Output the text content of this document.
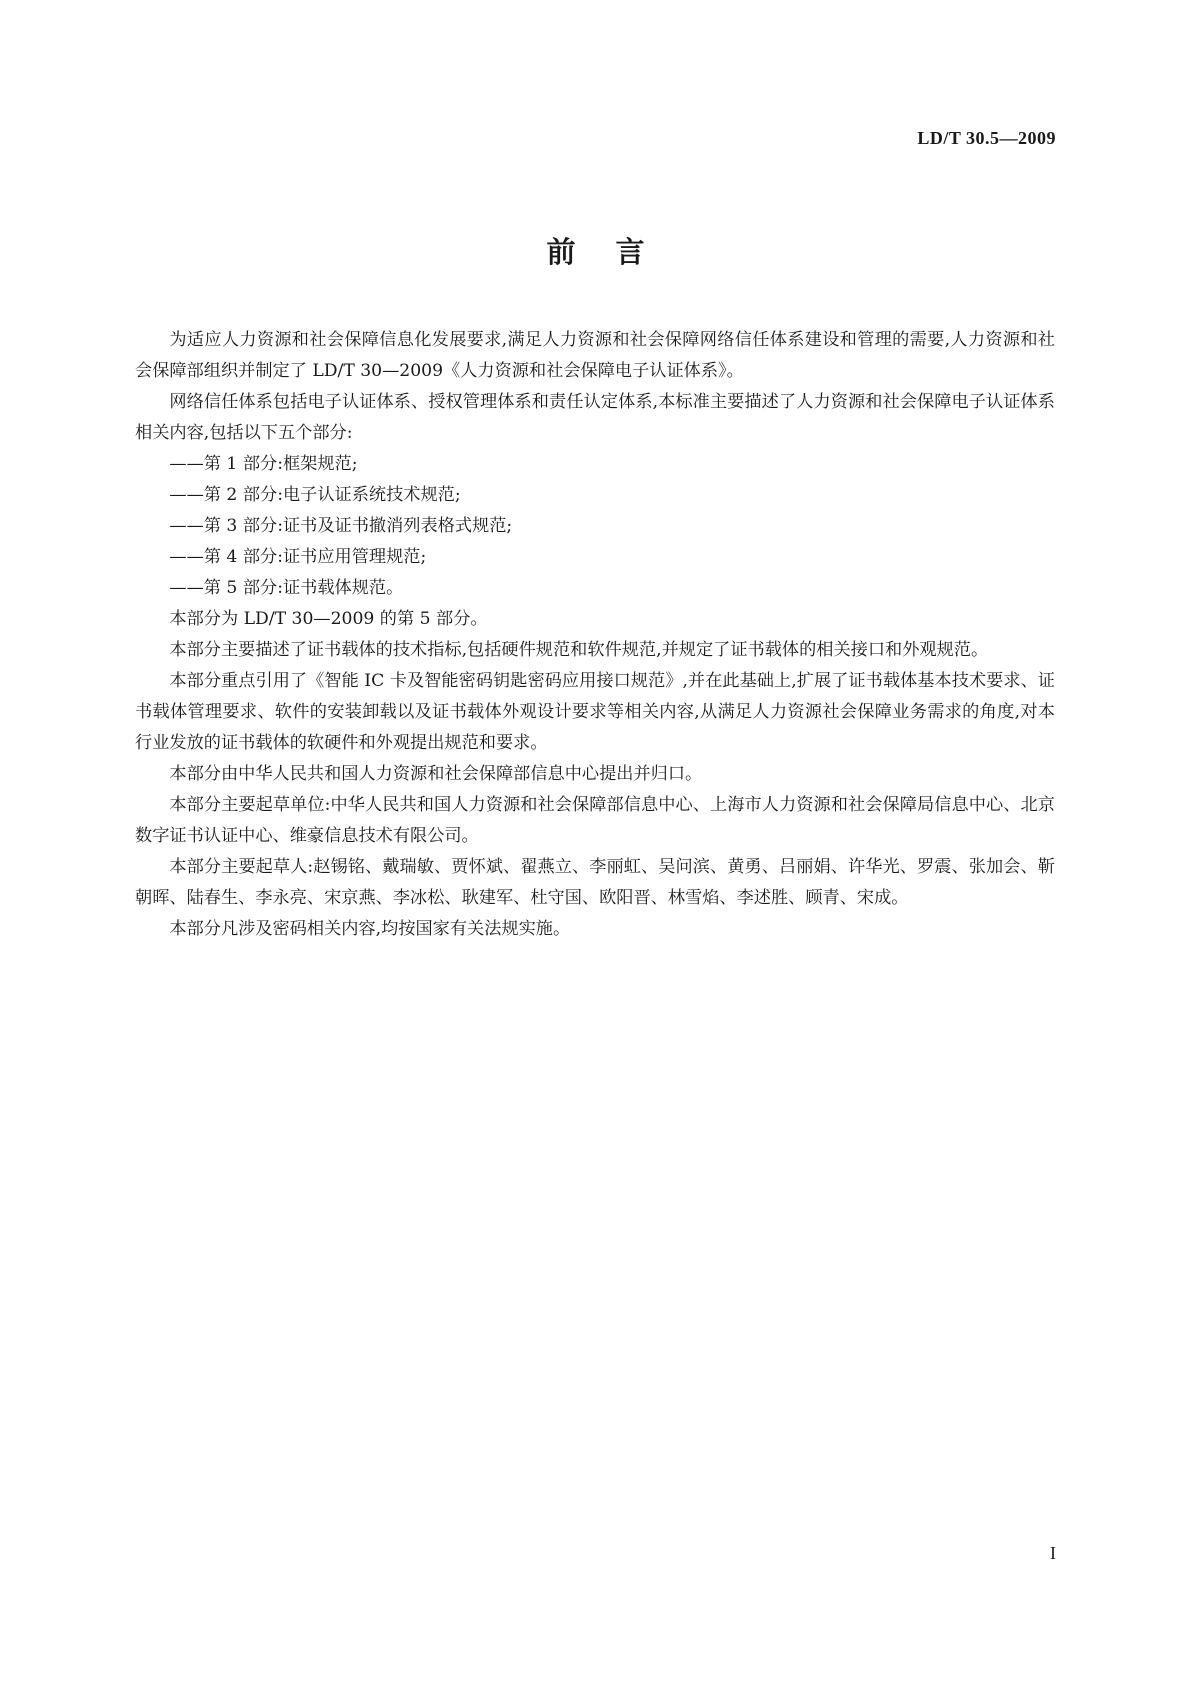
LD/T 30.5—2009
前言

为适应人力资源和社会保障信息化发展要求,满足人力资源和社会保障网络信任体系建设和管理的需要,人力资源和社会保障部组织并制定了 LD/T 30—2009《人力资源和社会保障电子认证体系》。

网络信任体系包括电子认证体系、授权管理体系和责任认定体系,本标准主要描述了人力资源和社会保障电子认证体系相关内容,包括以下五个部分:

——第 1 部分:框架规范;

——第 2 部分:电子认证系统技术规范;

——第 3 部分:证书及证书撤消列表格式规范;

——第 4 部分:证书应用管理规范;

——第 5 部分:证书载体规范。

本部分为 LD/T 30—2009 的第 5 部分。

本部分主要描述了证书载体的技术指标,包括硬件规范和软件规范,并规定了证书载体的相关接口和外观规范。

本部分重点引用了《智能 IC 卡及智能密码钥匙密码应用接口规范》,并在此基础上,扩展了证书载体基本技术要求、证书载体管理要求、软件的安装卸载以及证书载体外观设计要求等相关内容,从满足人力资源社会保障业务需求的角度,对本行业发放的证书载体的软硬件和外观提出规范和要求。

本部分由中华人民共和国人力资源和社会保障部信息中心提出并归口。

本部分主要起草单位:中华人民共和国人力资源和社会保障部信息中心、上海市人力资源和社会保障局信息中心、北京数字证书认证中心、维豪信息技术有限公司。

本部分主要起草人:赵锡铭、戴瑞敏、贾怀斌、翟燕立、李丽虹、吴问滨、黄勇、吕丽娟、许华光、罗震、张加会、靳朝晖、陆春生、李永亮、宋京燕、李冰松、耿建军、杜守国、欧阳晋、林雪焰、李述胜、顾青、宋成。

本部分凡涉及密码相关内容,均按国家有关法规实施。

I
